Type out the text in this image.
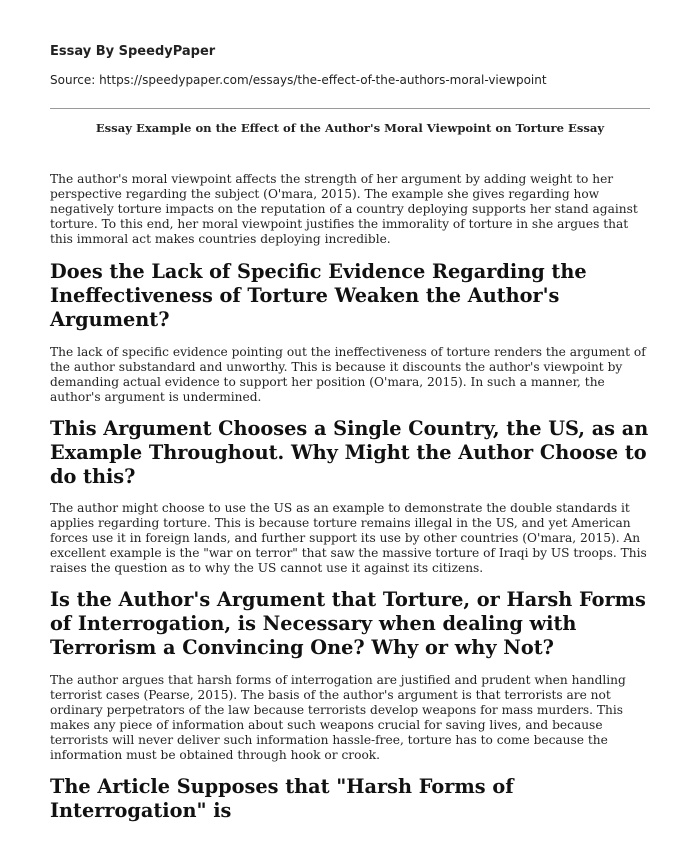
Essay By SpeedyPaper

Source: https://speedypaper.com/essays/the-effect-of-the-authors-moral-viewpoint

Essay Example on the Effect of the Author's Moral Viewpoint on Torture Essay

The author's moral viewpoint affects the strength of her argument by adding weight to her perspective regarding the subject (O'mara, 2015). The example she gives regarding how negatively torture impacts on the reputation of a country deploying supports her stand against torture. To this end, her moral viewpoint justifies the immorality of torture in she argues that this immoral act makes countries deploying incredible.

Does the Lack of Specific Evidence Regarding the Ineffectiveness of Torture Weaken the Author's Argument?

The lack of specific evidence pointing out the ineffectiveness of torture renders the argument of the author substandard and unworthy. This is because it discounts the author's viewpoint by demanding actual evidence to support her position (O'mara, 2015). In such a manner, the author's argument is undermined.

This Argument Chooses a Single Country, the US, as an Example Throughout. Why Might the Author Choose to do this?

The author might choose to use the US as an example to demonstrate the double standards it applies regarding torture. This is because torture remains illegal in the US, and yet American forces use it in foreign lands, and further support its use by other countries (O'mara, 2015). An excellent example is the "war on terror" that saw the massive torture of Iraqi by US troops. This raises the question as to why the US cannot use it against its citizens.

Is the Author's Argument that Torture, or Harsh Forms of Interrogation, is Necessary when dealing with Terrorism a Convincing One? Why or why Not?

The author argues that harsh forms of interrogation are justified and prudent when handling terrorist cases (Pearse, 2015). The basis of the author's argument is that terrorists are not ordinary perpetrators of the law because terrorists develop weapons for mass murders. This makes any piece of information about such weapons crucial for saving lives, and because terrorists will never deliver such information hassle-free, torture has to come because the information must be obtained through hook or crook.

The Article Supposes that "Harsh Forms of Interrogation" is
